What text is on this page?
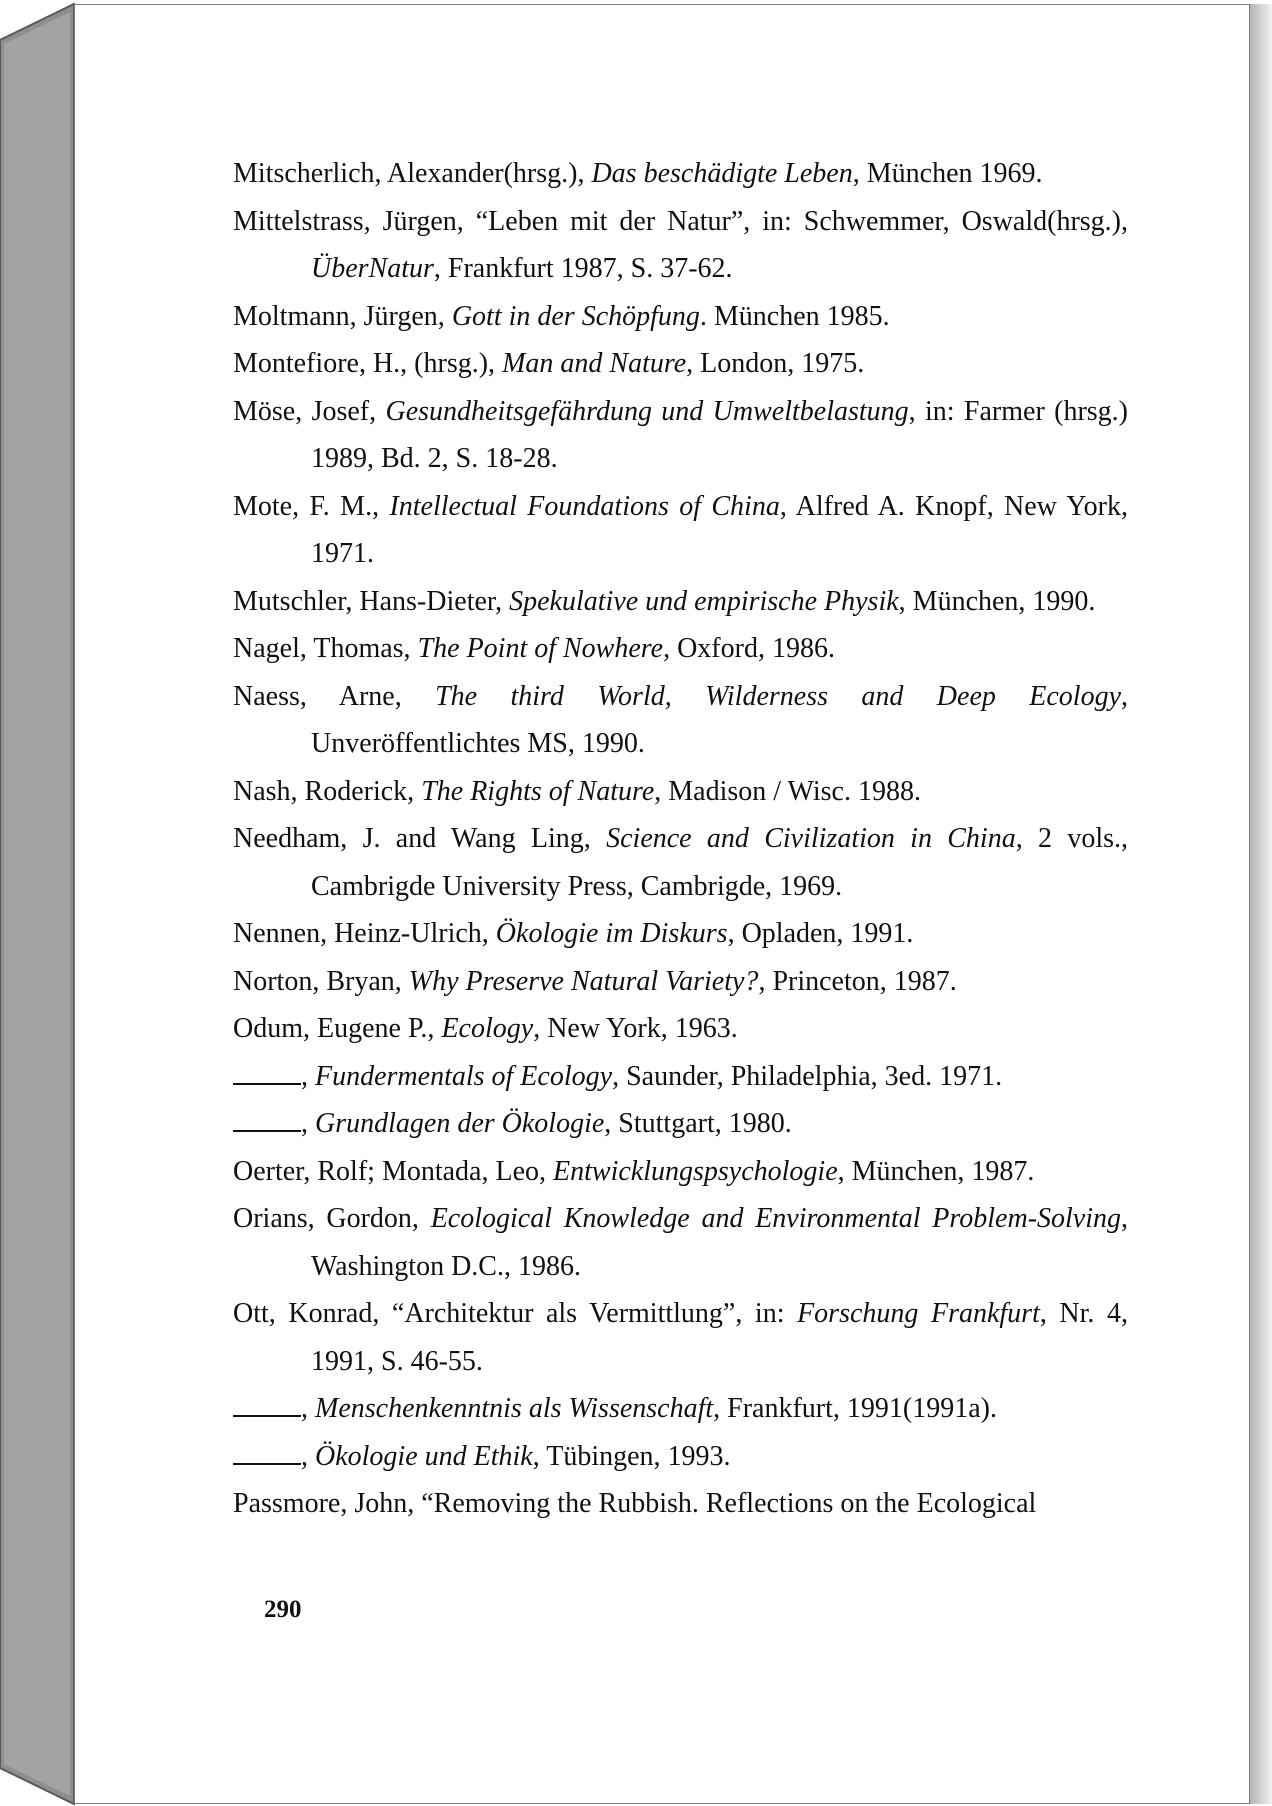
Mitscherlich, Alexander(hrsg.), Das beschädigte Leben, München 1969.

Mittelstrass, Jürgen, “Leben mit der Natur”, in: Schwemmer, Oswald(hrsg.), ÜberNatur, Frankfurt 1987, S. 37-62.

Moltmann, Jürgen, Gott in der Schöpfung. München 1985.

Montefiore, H., (hrsg.), Man and Nature, London, 1975.

Möse, Josef, Gesundheitsgefährdung und Umweltbelastung, in: Farmer (hrsg.) 1989, Bd. 2, S. 18-28.

Mote, F. M., Intellectual Foundations of China, Alfred A. Knopf, New York, 1971.

Mutschler, Hans-Dieter, Spekulative und empirische Physik, München, 1990.

Nagel, Thomas, The Point of Nowhere, Oxford, 1986.

Naess, Arne, The third World, Wilderness and Deep Ecology, Unveröffentlichtes MS, 1990.

Nash, Roderick, The Rights of Nature, Madison / Wisc. 1988.

Needham, J. and Wang Ling, Science and Civilization in China, 2 vols., Cambrigde University Press, Cambrigde, 1969.

Nennen, Heinz-Ulrich, Ökologie im Diskurs, Opladen, 1991.

Norton, Bryan, Why Preserve Natural Variety?, Princeton, 1987.

Odum, Eugene P., Ecology, New York, 1963.

, Fundermentals of Ecology, Saunder, Philadelphia, 3ed. 1971.

, Grundlagen der Ökologie, Stuttgart, 1980.

Oerter, Rolf; Montada, Leo, Entwicklungspsychologie, München, 1987.

Orians, Gordon, Ecological Knowledge and Environmental Problem-Solving, Washington D.C., 1986.

Ott, Konrad, “Architektur als Vermittlung”, in: Forschung Frankfurt, Nr. 4, 1991, S. 46-55.

, Menschenkenntnis als Wissenschaft, Frankfurt, 1991(1991a).

, Ökologie und Ethik, Tübingen, 1993.

Passmore, John, “Removing the Rubbish. Reflections on the Ecological

290
